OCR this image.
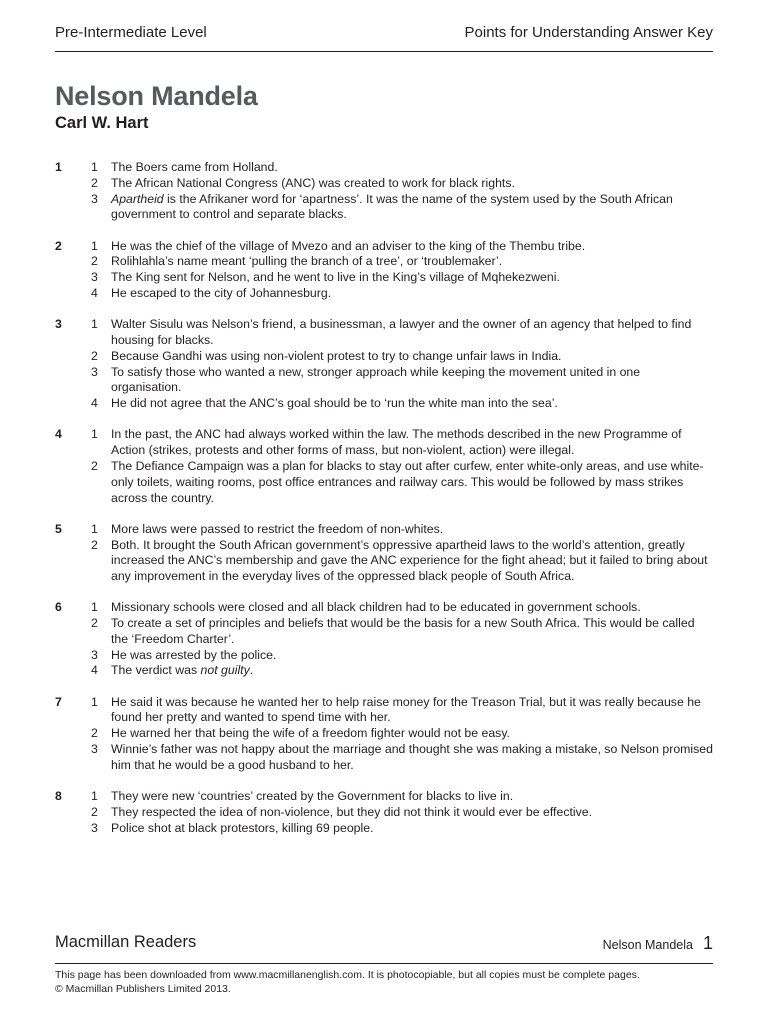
Pre-Intermediate Level	Points for Understanding Answer Key
Nelson Mandela

Carl W. Hart

1	1	The Boers came from Holland.
2	The African National Congress (ANC) was created to work for black rights.
3	Apartheid is the Afrikaner word for ‘apartness’. It was the name of the system used by the South African government to control and separate blacks.
2	1	He was the chief of the village of Mvezo and an adviser to the king of the Thembu tribe.
2	Rolihlahla’s name meant ‘pulling the branch of a tree’, or ‘troublemaker’.
3	The King sent for Nelson, and he went to live in the King’s village of Mqhekezweni.
4	He escaped to the city of Johannesburg.
3	1	Walter Sisulu was Nelson’s friend, a businessman, a lawyer and the owner of an agency that helped to find housing for blacks.
2	Because Gandhi was using non-violent protest to try to change unfair laws in India.
3	To satisfy those who wanted a new, stronger approach while keeping the movement united in one organisation.
4	He did not agree that the ANC’s goal should be to ‘run the white man into the sea’.
4	1	In the past, the ANC had always worked within the law. The methods described in the new Programme of Action (strikes, protests and other forms of mass, but non-violent, action) were illegal.
2	The Defiance Campaign was a plan for blacks to stay out after curfew, enter white-only areas, and use white-only toilets, waiting rooms, post office entrances and railway cars. This would be followed by mass strikes across the country.
5	1	More laws were passed to restrict the freedom of non-whites.
2	Both. It brought the South African government’s oppressive apartheid laws to the world’s attention, greatly increased the ANC’s membership and gave the ANC experience for the fight ahead; but it failed to bring about any improvement in the everyday lives of the oppressed black people of South Africa.
6	1	Missionary schools were closed and all black children had to be educated in government schools.
2	To create a set of principles and beliefs that would be the basis for a new South Africa. This would be called the ‘Freedom Charter’.
3	He was arrested by the police.
4	The verdict was not guilty.
7	1	He said it was because he wanted her to help raise money for the Treason Trial, but it was really because he found her pretty and wanted to spend time with her.
2	He warned her that being the wife of a freedom fighter would not be easy.
3	Winnie’s father was not happy about the marriage and thought she was making a mistake, so Nelson promised him that he would be a good husband to her.
8	1	They were new ‘countries’ created by the Government for blacks to live in.
2	They respected the idea of non-violence, but they did not think it would ever be effective.
3	Police shot at black protestors, killing 69 people.
Macmillan Readers	Nelson Mandela 1
This page has been downloaded from www.macmillanenglish.com. It is photocopiable, but all copies must be complete pages.
© Macmillan Publishers Limited 2013.
